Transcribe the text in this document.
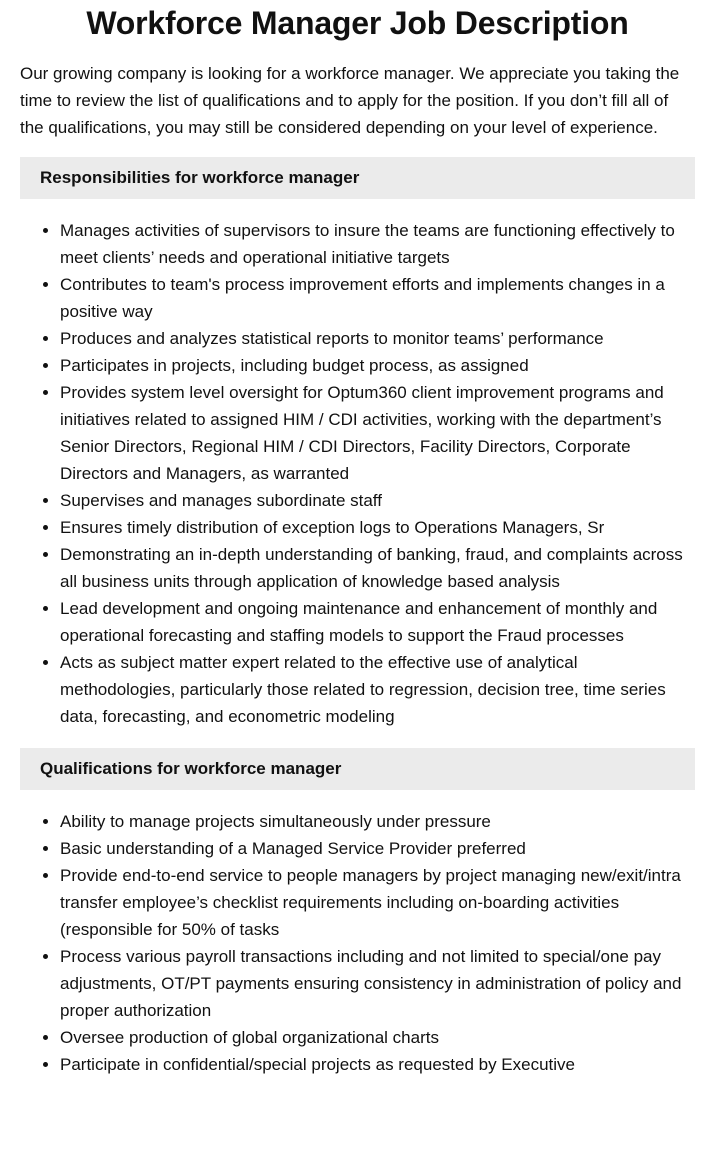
Workforce Manager Job Description

Our growing company is looking for a workforce manager. We appreciate you taking the time to review the list of qualifications and to apply for the position. If you don’t fill all of the qualifications, you may still be considered depending on your level of experience.

Responsibilities for workforce manager
• Manages activities of supervisors to insure the teams are functioning effectively to meet clients’ needs and operational initiative targets
• Contributes to team's process improvement efforts and implements changes in a positive way
• Produces and analyzes statistical reports to monitor teams’ performance
• Participates in projects, including budget process, as assigned
• Provides system level oversight for Optum360 client improvement programs and initiatives related to assigned HIM / CDI activities, working with the department’s Senior Directors, Regional HIM / CDI Directors, Facility Directors, Corporate Directors and Managers, as warranted
• Supervises and manages subordinate staff
• Ensures timely distribution of exception logs to Operations Managers, Sr
• Demonstrating an in-depth understanding of banking, fraud, and complaints across all business units through application of knowledge based analysis
• Lead development and ongoing maintenance and enhancement of monthly and operational forecasting and staffing models to support the Fraud processes
• Acts as subject matter expert related to the effective use of analytical methodologies, particularly those related to regression, decision tree, time series data, forecasting, and econometric modeling
Qualifications for workforce manager
• Ability to manage projects simultaneously under pressure
• Basic understanding of a Managed Service Provider preferred
• Provide end-to-end service to people managers by project managing new/exit/intra transfer employee’s checklist requirements including on-boarding activities (responsible for 50% of tasks
• Process various payroll transactions including and not limited to special/one pay adjustments, OT/PT payments ensuring consistency in administration of policy and proper authorization
• Oversee production of global organizational charts
• Participate in confidential/special projects as requested by Executive
